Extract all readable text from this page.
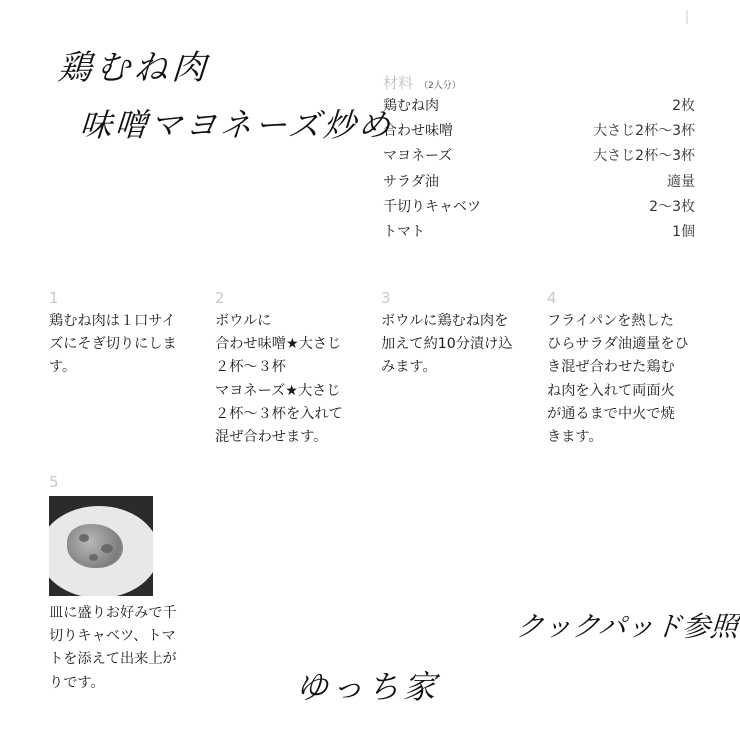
鶏むね肉
味噌マヨネーズ炒め
材料 （2人分）
鶏むね肉	2枚
合わせ味噌	大さじ2杯～3杯
マヨネーズ	大さじ2杯～3杯
サラダ油	適量
千切りキャベツ	2～3枚
トマト	1個
1
鶏むね肉は１口サイ
ズにそぎ切りにしま
す。
2
ボウルに
合わせ味噌★大さじ
２杯～３杯
マヨネーズ★大さじ
２杯～３杯を入れて
混ぜ合わせます。
3
ボウルに鶏むね肉を
加えて約10分漬け込
みます。
4
フライパンを熱した
ひらサラダ油適量をひ
き混ぜ合わせた鶏む
ね肉を入れて両面火
が通るまで中火で焼
きます。
5
皿に盛りお好みで千
切りキャベツ、トマ
トを添えて出来上が
りです。
クックパッド参照
ゆっち家
